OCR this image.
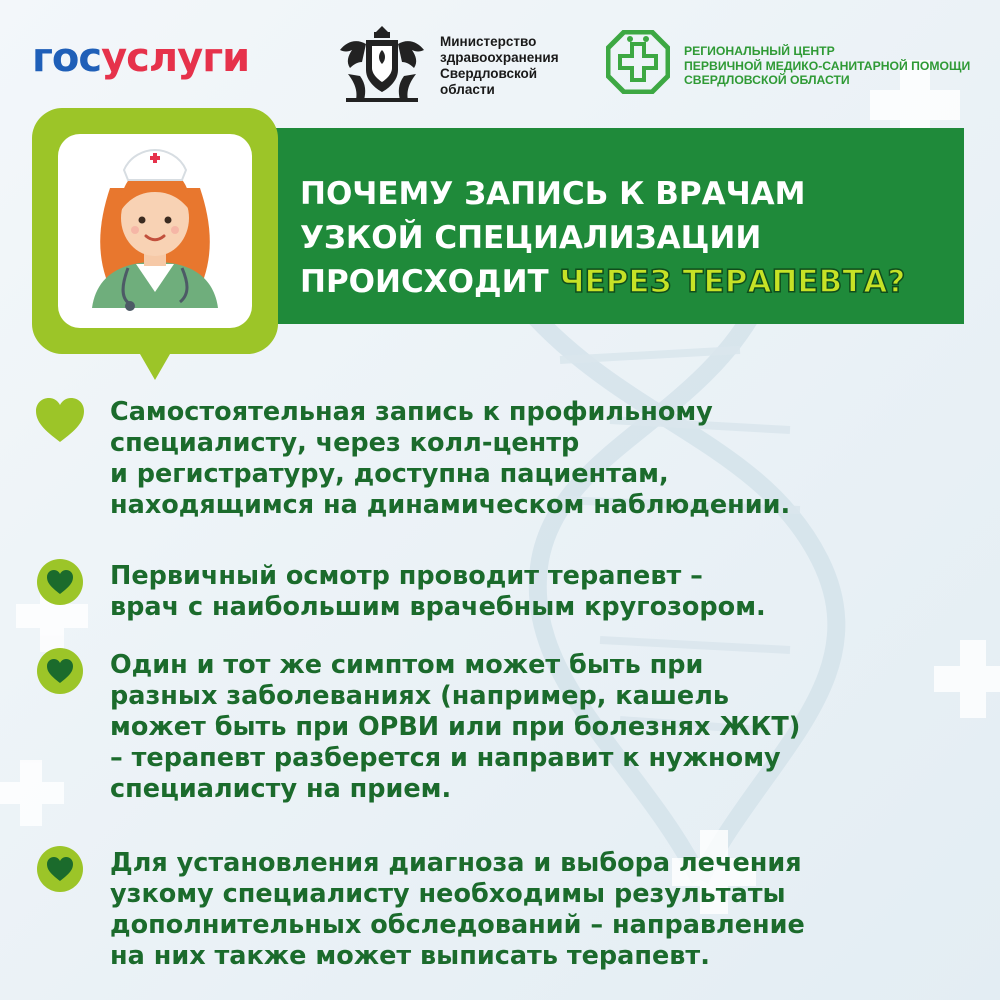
госуслуги	Министерство
здравоохранения
Свердловской
области
РЕГИОНАЛЬНЫЙ ЦЕНТР
ПЕРВИЧНОЙ МЕДИКО-САНИТАРНОЙ ПОМОЩИ
СВЕРДЛОВСКОЙ ОБЛАСТИ
ПОЧЕМУ ЗАПИСЬ К ВРАЧАМ
УЗКОЙ СПЕЦИАЛИЗАЦИИ
ПРОИСХОДИТ ЧЕРЕЗ ТЕРАПЕВТА?
Самостоятельная запись к профильному
специалисту, через колл-центр
и регистратуру, доступна пациентам,
находящимся на динамическом наблюдении.
Первичный осмотр проводит терапевт –
врач с наибольшим врачебным кругозором.
Один и тот же симптом может быть при
разных заболеваниях (например, кашель
может быть при ОРВИ или при болезнях ЖКТ)
– терапевт разберется и направит к нужному
специалисту на прием.
Для установления диагноза и выбора лечения
узкому специалисту необходимы результаты
дополнительных обследований – направление
на них также может выписать терапевт.
